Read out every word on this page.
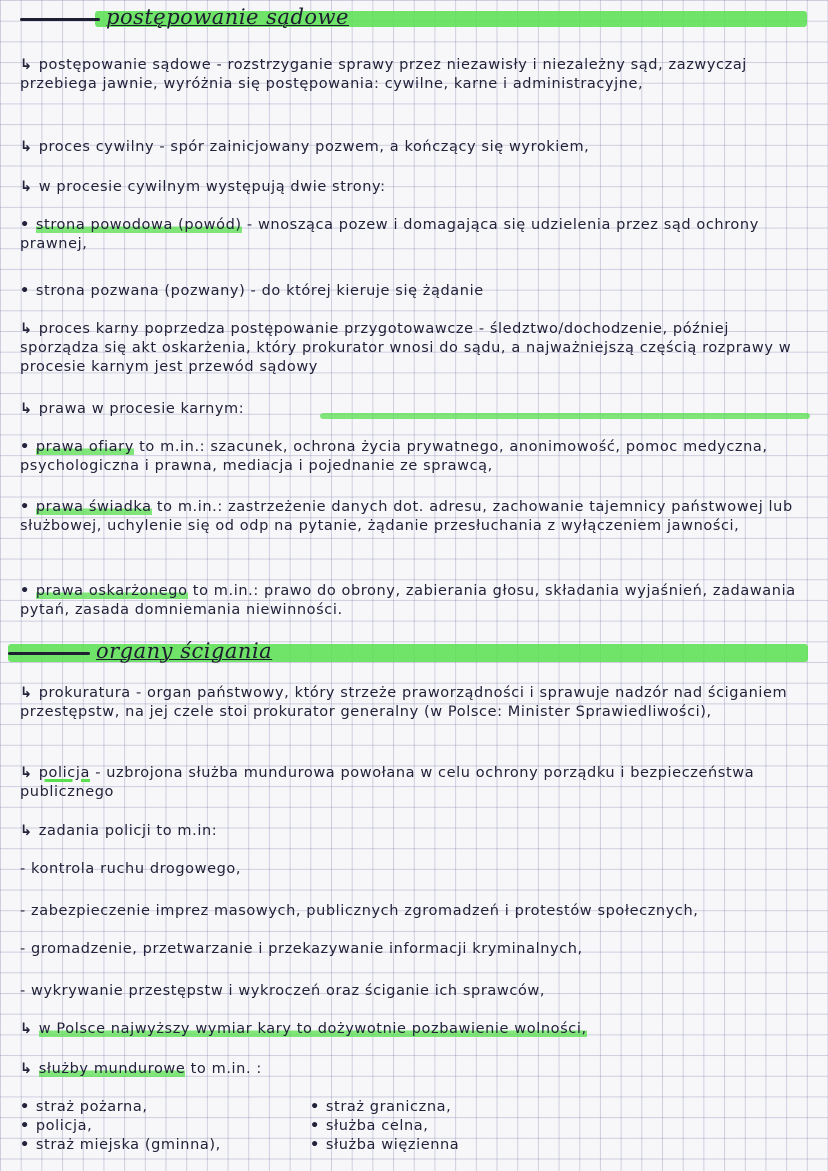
postępowanie sądowe
↳ postępowanie sądowe - rozstrzyganie sprawy przez niezawisły i niezależny sąd, zazwyczaj przebiega jawnie, wyróżnia się postępowania: cywilne, karne i administracyjne,
↳ proces cywilny - spór zainicjowany pozwem, a kończący się wyrokiem,
↳ w procesie cywilnym występują dwie strony:
• strona powodowa (powód) - wnosząca pozew i domagająca się udzielenia przez sąd ochrony prawnej,
• strona pozwana (pozwany) - do której kieruje się żądanie
↳ proces karny poprzedza postępowanie przygotowawcze - śledztwo/dochodzenie, później sporządza się akt oskarżenia, który prokurator wnosi do sądu, a najważniejszą częścią rozprawy w procesie karnym jest przewód sądowy
↳ prawa w procesie karnym:
• prawa ofiary to m.in.: szacunek, ochrona życia prywatnego, anonimowość, pomoc medyczna, psychologiczna i prawna, mediacja i pojednanie ze sprawcą,
• prawa świadka to m.in.: zastrzeżenie danych dot. adresu, zachowanie tajemnicy państwowej lub służbowej, uchylenie się od odp na pytanie, żądanie przesłuchania z wyłączeniem jawności,
• prawa oskarżonego to m.in.: prawo do obrony, zabierania głosu, składania wyjaśnień, zadawania pytań, zasada domniemania niewinności.
organy ścigania
↳ prokuratura - organ państwowy, który strzeże praworządności i sprawuje nadzór nad ściganiem przestępstw, na jej czele stoi prokurator generalny (w Polsce: Minister Sprawiedliwości),
↳ policja - uzbrojona służba mundurowa powołana w celu ochrony porządku i bezpieczeństwa publicznego
↳ zadania policji to m.in:
- kontrola ruchu drogowego,
- zabezpieczenie imprez masowych, publicznych zgromadzeń i protestów społecznych,
- gromadzenie, przetwarzanie i przekazywanie informacji kryminalnych,
- wykrywanie przestępstw i wykroczeń oraz ściganie ich sprawców,
↳ w Polsce najwyższy wymiar kary to dożywotnie pozbawienie wolności,
↳ służby mundurowe to m.in. :
• straż pożarna,
• policja,
• straż miejska (gminna),
• straż graniczna,
• służba celna,
• służba więzienna
